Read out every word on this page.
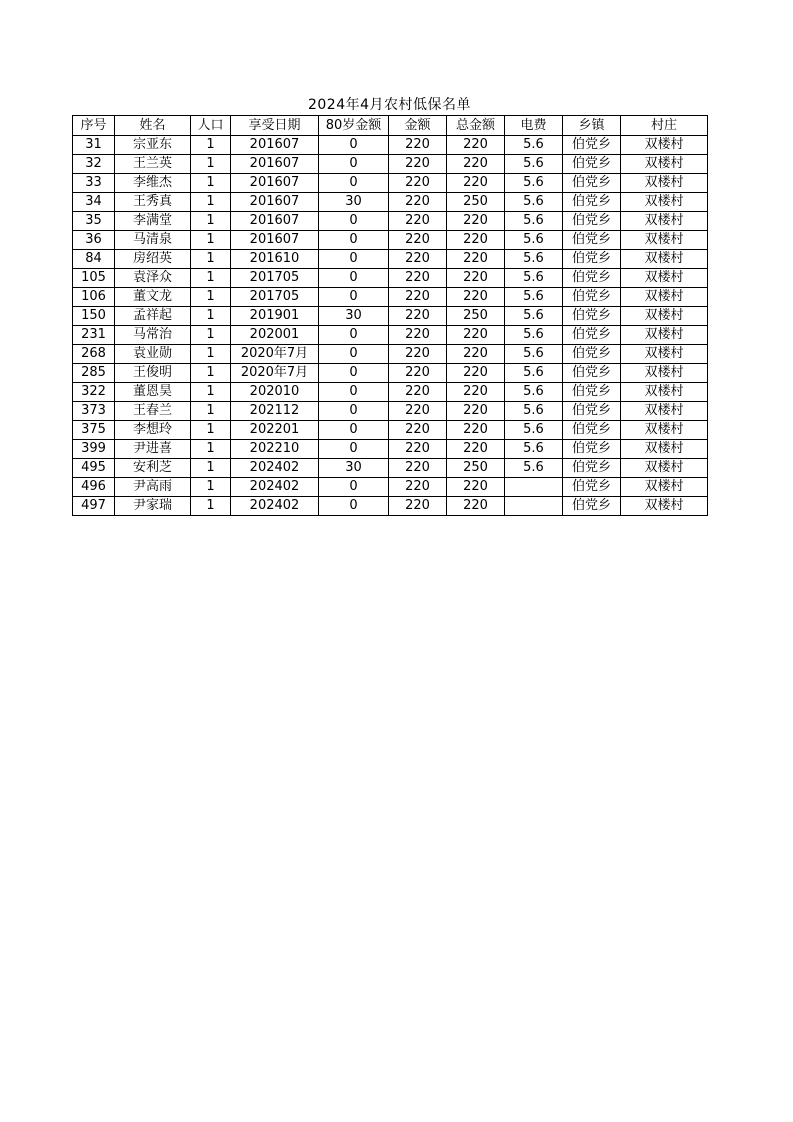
2024年4月农村低保名单
序号	姓名	人口	享受日期	80岁金额	金额	总金额	电费	乡镇	村庄
31	宗亚东	1	201607	0	220	220	5.6	伯党乡	双楼村
32	王兰英	1	201607	0	220	220	5.6	伯党乡	双楼村
33	李维杰	1	201607	0	220	220	5.6	伯党乡	双楼村
34	王秀真	1	201607	30	220	250	5.6	伯党乡	双楼村
35	李满堂	1	201607	0	220	220	5.6	伯党乡	双楼村
36	马清泉	1	201607	0	220	220	5.6	伯党乡	双楼村
84	房绍英	1	201610	0	220	220	5.6	伯党乡	双楼村
105	袁泽众	1	201705	0	220	220	5.6	伯党乡	双楼村
106	董文龙	1	201705	0	220	220	5.6	伯党乡	双楼村
150	孟祥起	1	201901	30	220	250	5.6	伯党乡	双楼村
231	马常治	1	202001	0	220	220	5.6	伯党乡	双楼村
268	袁业勋	1	2020年7月	0	220	220	5.6	伯党乡	双楼村
285	王俊明	1	2020年7月	0	220	220	5.6	伯党乡	双楼村
322	董恩昊	1	202010	0	220	220	5.6	伯党乡	双楼村
373	王春兰	1	202112	0	220	220	5.6	伯党乡	双楼村
375	李想玲	1	202201	0	220	220	5.6	伯党乡	双楼村
399	尹进喜	1	202210	0	220	220	5.6	伯党乡	双楼村
495	安利芝	1	202402	30	220	250	5.6	伯党乡	双楼村
496	尹高雨	1	202402	0	220	220		伯党乡	双楼村
497	尹家瑞	1	202402	0	220	220		伯党乡	双楼村
